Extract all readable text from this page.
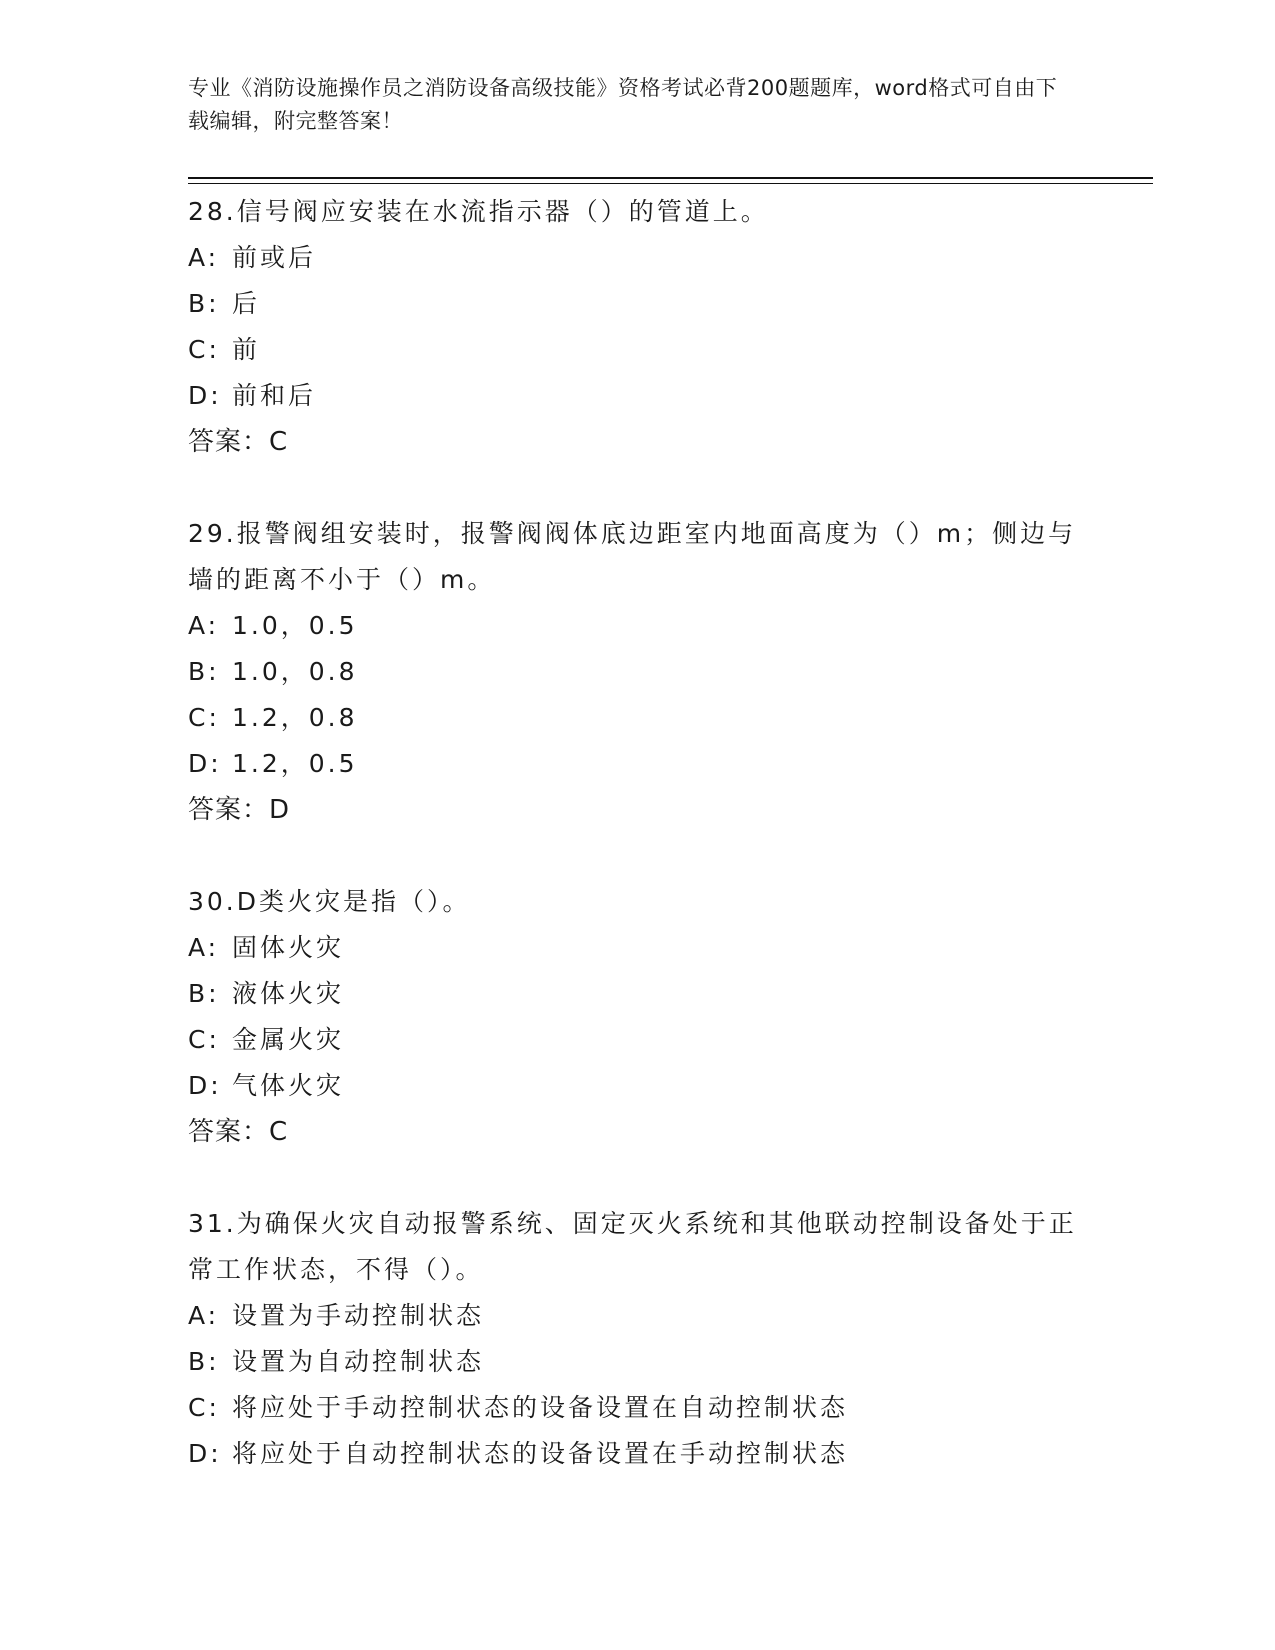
专业《消防设施操作员之消防设备高级技能》资格考试必背200题题库，word格式可自由下载编辑，附完整答案！

28.信号阀应安装在水流指示器（）的管道上。

A: 前或后

B: 后

C: 前

D: 前和后

答案：C

29.报警阀组安装时，报警阀阀体底边距室内地面高度为（）m；侧边与墙的距离不小于（）m。

A: 1.0，0.5

B: 1.0，0.8

C: 1.2，0.8

D: 1.2，0.5

答案：D

30.D类火灾是指（）。

A: 固体火灾

B: 液体火灾

C: 金属火灾

D: 气体火灾

答案：C

31.为确保火灾自动报警系统、固定灭火系统和其他联动控制设备处于正常工作状态，不得（）。

A: 设置为手动控制状态

B: 设置为自动控制状态

C: 将应处于手动控制状态的设备设置在自动控制状态

D: 将应处于自动控制状态的设备设置在手动控制状态
